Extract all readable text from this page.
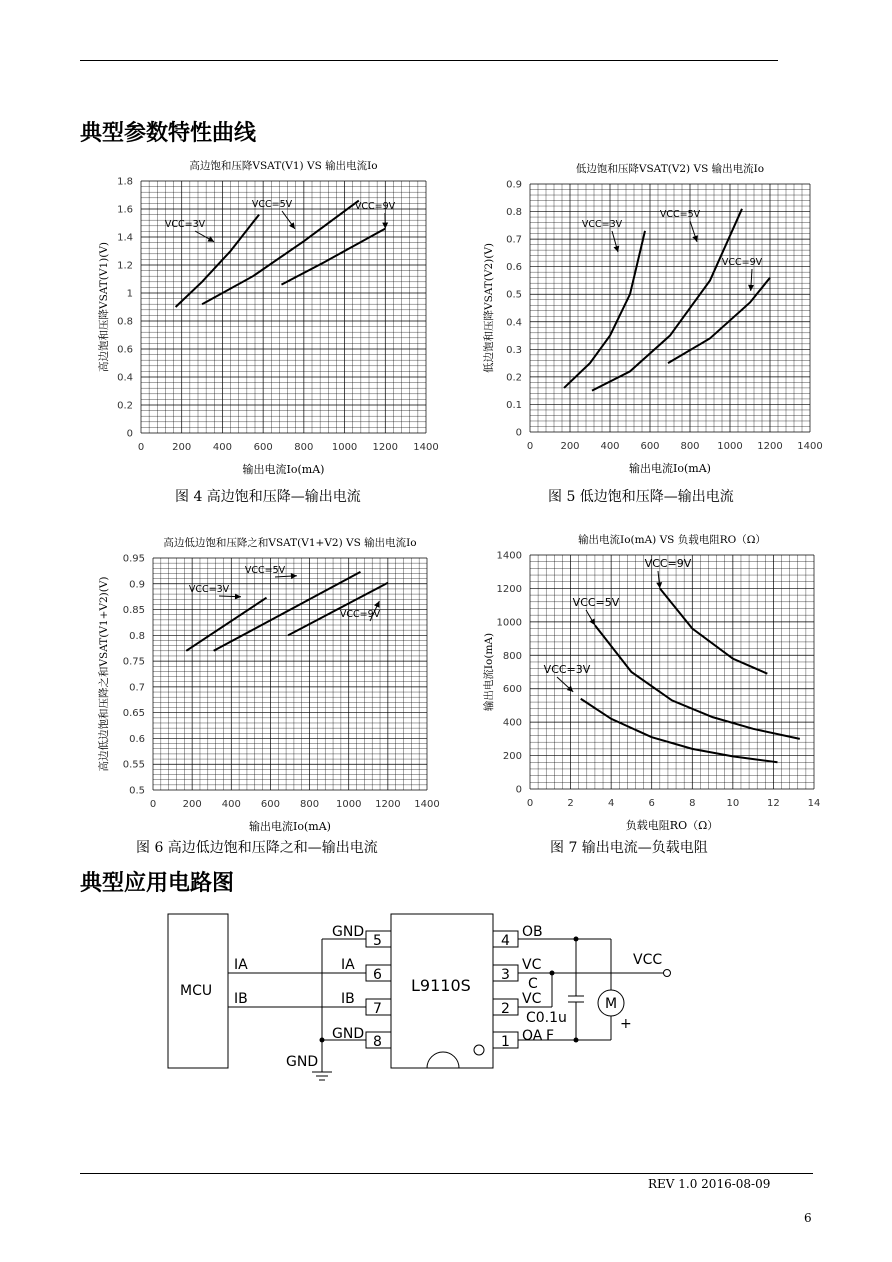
典型参数特性曲线
高边饱和压降VSAT(V1) VS 输出电流Io
0
0.2
0.4
0.6
0.8
1
1.2
1.4
1.6
1.8
0	200 400 600 800 1000 1200 1400
输出电流Io(mA)
高边饱和压降VSAT(V1)(V)
VCC=3V
VCC=5V	VCC=9V
低边饱和压降VSAT(V2) VS 输出电流Io
0
0.1
0.2
0.3
0.4
0.5
0.6
0.7
0.8
0.9
0	200 400 600 800 1000 1200 1400
输出电流Io(mA)
低边饱和压降VSAT(V2)(V)
VCC=3V
VCC=5V
VCC=9V
图 4 高边饱和压降—输出电流	图 5 低边饱和压降—输出电流
高边低边饱和压降之和VSAT(V1+V2) VS 输出电流Io
0.5
0.55
0.6
0.65
0.7
0.75
0.8
0.85
0.9
0.95
0	200 400 600 800 1000 1200 1400
输出电流Io(mA)
高边低边饱和压降之和VSAT(V1+V2)(V)	VCC=3V
VCC=5V
VCC=9V
输出电流Io(mA) VS 负载电阻RO（Ω）
0
200
400
600
800
1000
1200
1400
0	2	4	6	8	10	12	14
负载电阻RO（Ω）
输出电流Io(mA)	VCC=3V
VCC=5V
VCC=9V
图 6 高边低边饱和压降之和—输出电流	图 7 输出电流—负载电阻
典型应用电路图
MCU	L9110S
IA
IB
GND
VCC
M
+
C
C0.1u
F
GND
5
IA
6
IB
7
GND 8
4
OB
3
VC
2
VC
1 OA
REV 1.0 2016-08-09
6
